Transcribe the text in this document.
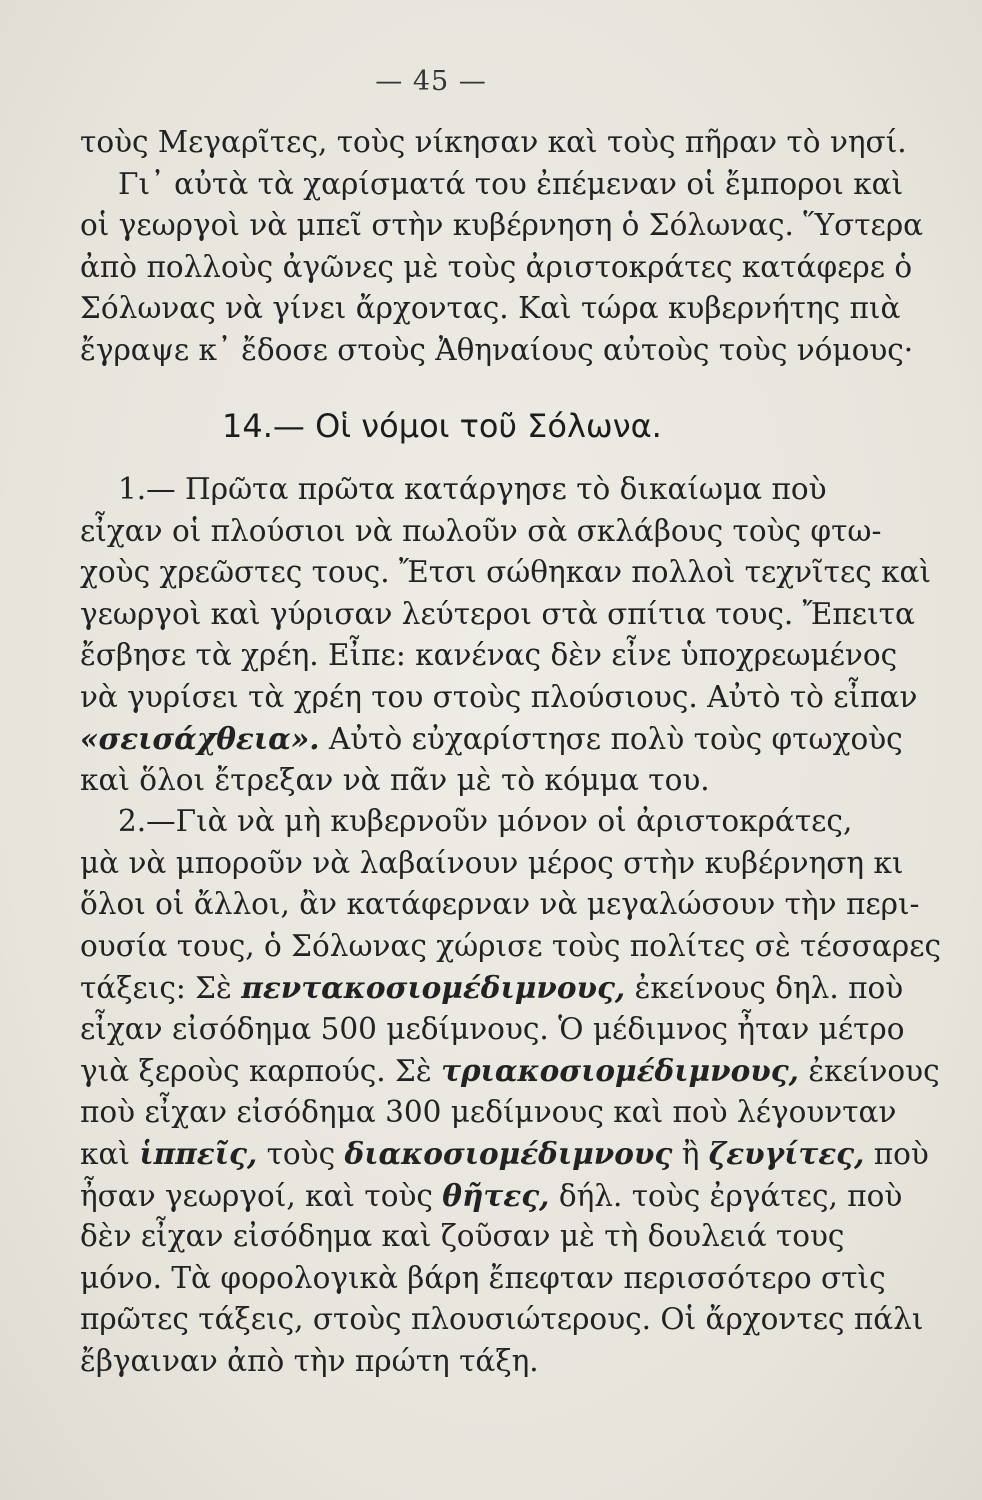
— 45 —
τοὺς Μεγαρῖτες, τοὺς νίκησαν καὶ τοὺς πῆραν τὸ νησί.
Γι᾿ αὐτὰ τὰ χαρίσματά του ἐπέμεναν οἱ ἔμποροι καὶ
οἱ γεωργοὶ νὰ μπεῖ στὴν κυβέρνηση ὁ Σόλωνας. Ὕστερα
ἀπὸ πολλοὺς ἀγῶνες μὲ τοὺς ἀριστοκράτες κατάφερε ὁ
Σόλωνας νὰ γίνει ἄρχοντας. Καὶ τώρα κυβερνήτης πιὰ
ἔγραψε κ᾿ ἔδοσε στοὺς Ἀθηναίους αὐτοὺς τοὺς νόμους·
14.— Οἱ νόμοι τοῦ Σόλωνα.
1.— Πρῶτα πρῶτα κατάργησε τὸ δικαίωμα ποὺ
εἶχαν οἱ πλούσιοι νὰ πωλοῦν σὰ σκλάβους τοὺς φτω-
χοὺς χρεῶστες τους. Ἔτσι σώθηκαν πολλοὶ τεχνῖτες καὶ
γεωργοὶ καὶ γύρισαν λεύτεροι στὰ σπίτια τους. Ἔπειτα
ἔσβησε τὰ χρέη. Εἶπε: κανένας δὲν εἶνε ὑποχρεωμένος
νὰ γυρίσει τὰ χρέη του στοὺς πλούσιους. Αὐτὸ τὸ εἶπαν
«σεισάχθεια». Αὐτὸ εὐχαρίστησε πολὺ τοὺς φτωχοὺς
καὶ ὅλοι ἔτρεξαν νὰ πᾶν μὲ τὸ κόμμα του.
2.—Γιὰ νὰ μὴ κυβερνοῦν μόνον οἱ ἀριστοκράτες,
μὰ νὰ μποροῦν νὰ λαβαίνουν μέρος στὴν κυβέρνηση κι
ὅλοι οἱ ἄλλοι, ἂν κατάφερναν νὰ μεγαλώσουν τὴν περι-
ουσία τους, ὁ Σόλωνας χώρισε τοὺς πολίτες σὲ τέσσαρες
τάξεις: Σὲ πεντακοσιομέδιμνους, ἐκείνους δηλ. ποὺ
εἶχαν εἰσόδημα 500 μεδίμνους. Ὁ μέδιμνος ἦταν μέτρο
γιὰ ξεροὺς καρπούς. Σὲ τριακοσιομέδιμνους, ἐκείνους
ποὺ εἶχαν εἰσόδημα 300 μεδίμνους καὶ ποὺ λέγουνταν
καὶ ἱππεῖς, τοὺς διακοσιομέδιμνους ἢ ζευγίτες, ποὺ
ἦσαν γεωργοί, καὶ τοὺς θῆτες, δήλ. τοὺς ἐργάτες, ποὺ
δὲν εἶχαν εἰσόδημα καὶ ζοῦσαν μὲ τὴ δουλειά τους
μόνο. Τὰ φορολογικὰ βάρη ἔπεφταν περισσότερο στὶς
πρῶτες τάξεις, στοὺς πλουσιώτερους. Οἱ ἄρχοντες πάλι
ἔβγαιναν ἀπὸ τὴν πρώτη τάξη.
